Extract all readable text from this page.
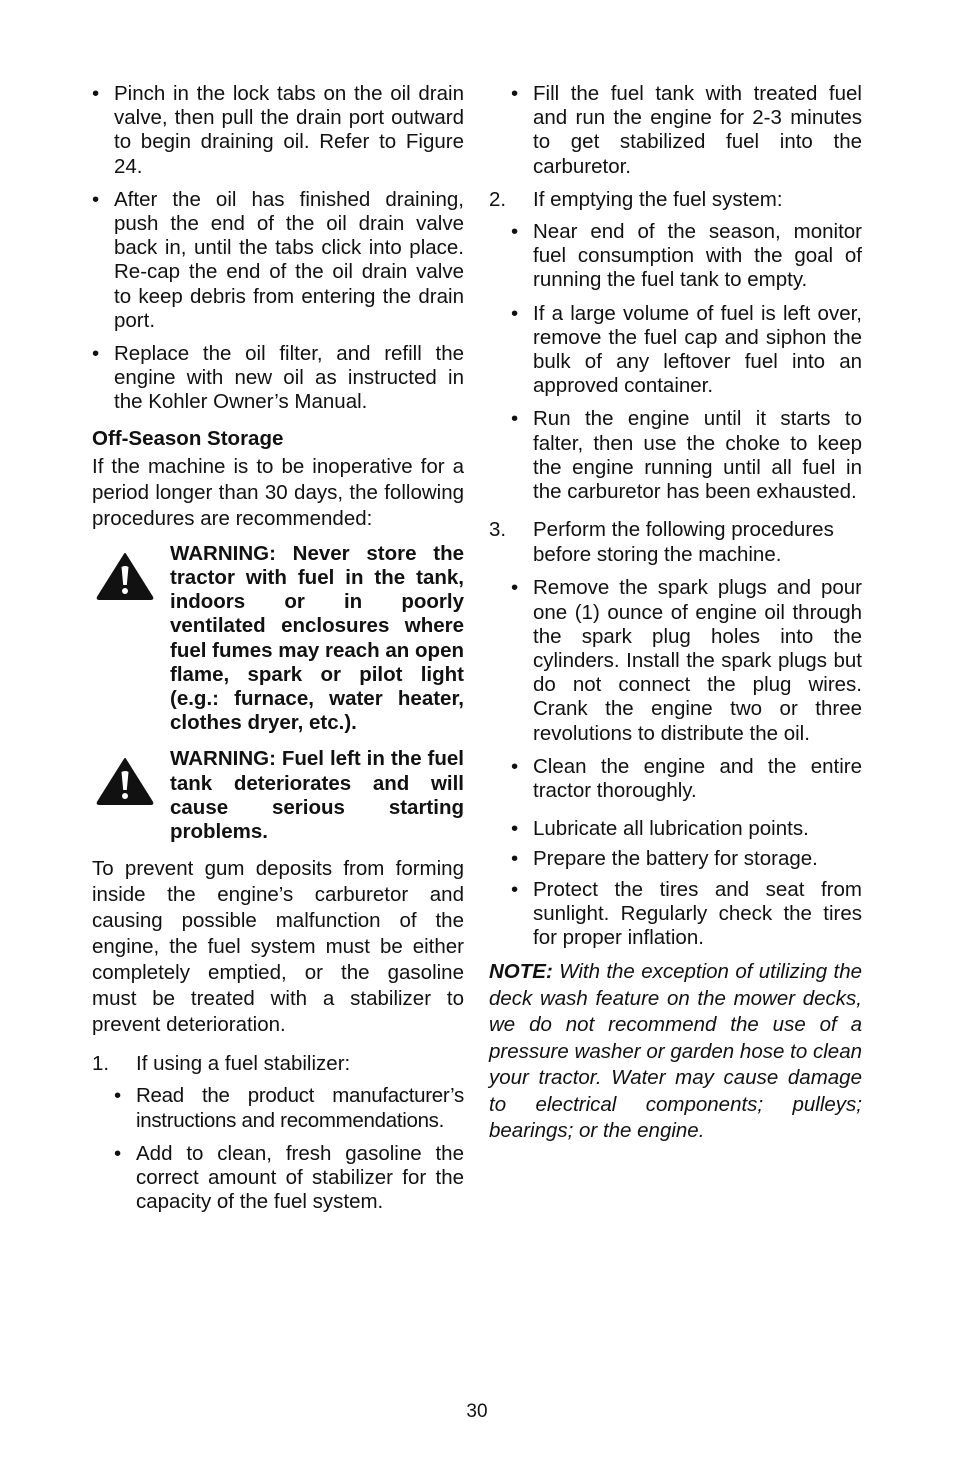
• Pinch in the lock tabs on the oil drain valve, then pull the drain port outward to begin draining oil. Refer to Figure 24.
• After the oil has finished draining, push the end of the oil drain valve back in, until the tabs click into place. Re-cap the end of the oil drain valve to keep debris from entering the drain port.
• Replace the oil filter, and refill the engine with new oil as instructed in the Kohler Owner’s Manual.
Off-Season Storage
If the machine is to be inoperative for a period longer than 30 days, the following procedures are recommended:
WARNING: Never store the tractor with fuel in the tank, indoors or in poorly ventilated enclosures where fuel fumes may reach an open flame, spark or pilot light (e.g.: furnace, water heater, clothes dryer, etc.).
WARNING: Fuel left in the fuel tank deteriorates and will cause serious starting problems.
To prevent gum deposits from forming inside the engine’s carburetor and causing possible malfunction of the engine, the fuel system must be either completely emptied, or the gasoline must be treated with a stabilizer to prevent deterioration.
1. If using a fuel stabilizer:
• Read the product manufacturer’s instructions and recommendations.
• Add to clean, fresh gasoline the correct amount of stabilizer for the capacity of the fuel system.
• Fill the fuel tank with treated fuel and run the engine for 2-3 minutes to get stabilized fuel into the carburetor.
2. If emptying the fuel system:
• Near end of the season, monitor fuel consumption with the goal of running the fuel tank to empty.
• If a large volume of fuel is left over, remove the fuel cap and siphon the bulk of any leftover fuel into an approved container.
• Run the engine until it starts to falter, then use the choke to keep the engine running until all fuel in the carburetor has been exhausted.
3. Perform the following procedures
before storing the machine.
• Remove the spark plugs and pour one (1) ounce of engine oil through the spark plug holes into the cylinders. Install the spark plugs but do not connect the plug wires. Crank the engine two or three revolutions to distribute the oil.
• Clean the engine and the entire tractor thoroughly.
• Lubricate all lubrication points.
• Prepare the battery for storage.
• Protect the tires and seat from sunlight. Regularly check the tires for proper inflation.
NOTE: With the exception of utilizing the deck wash feature on the mower decks, we do not recommend the use of a pressure washer or garden hose to clean your tractor. Water may cause damage to electrical components; pulleys; bearings; or the engine.
30
